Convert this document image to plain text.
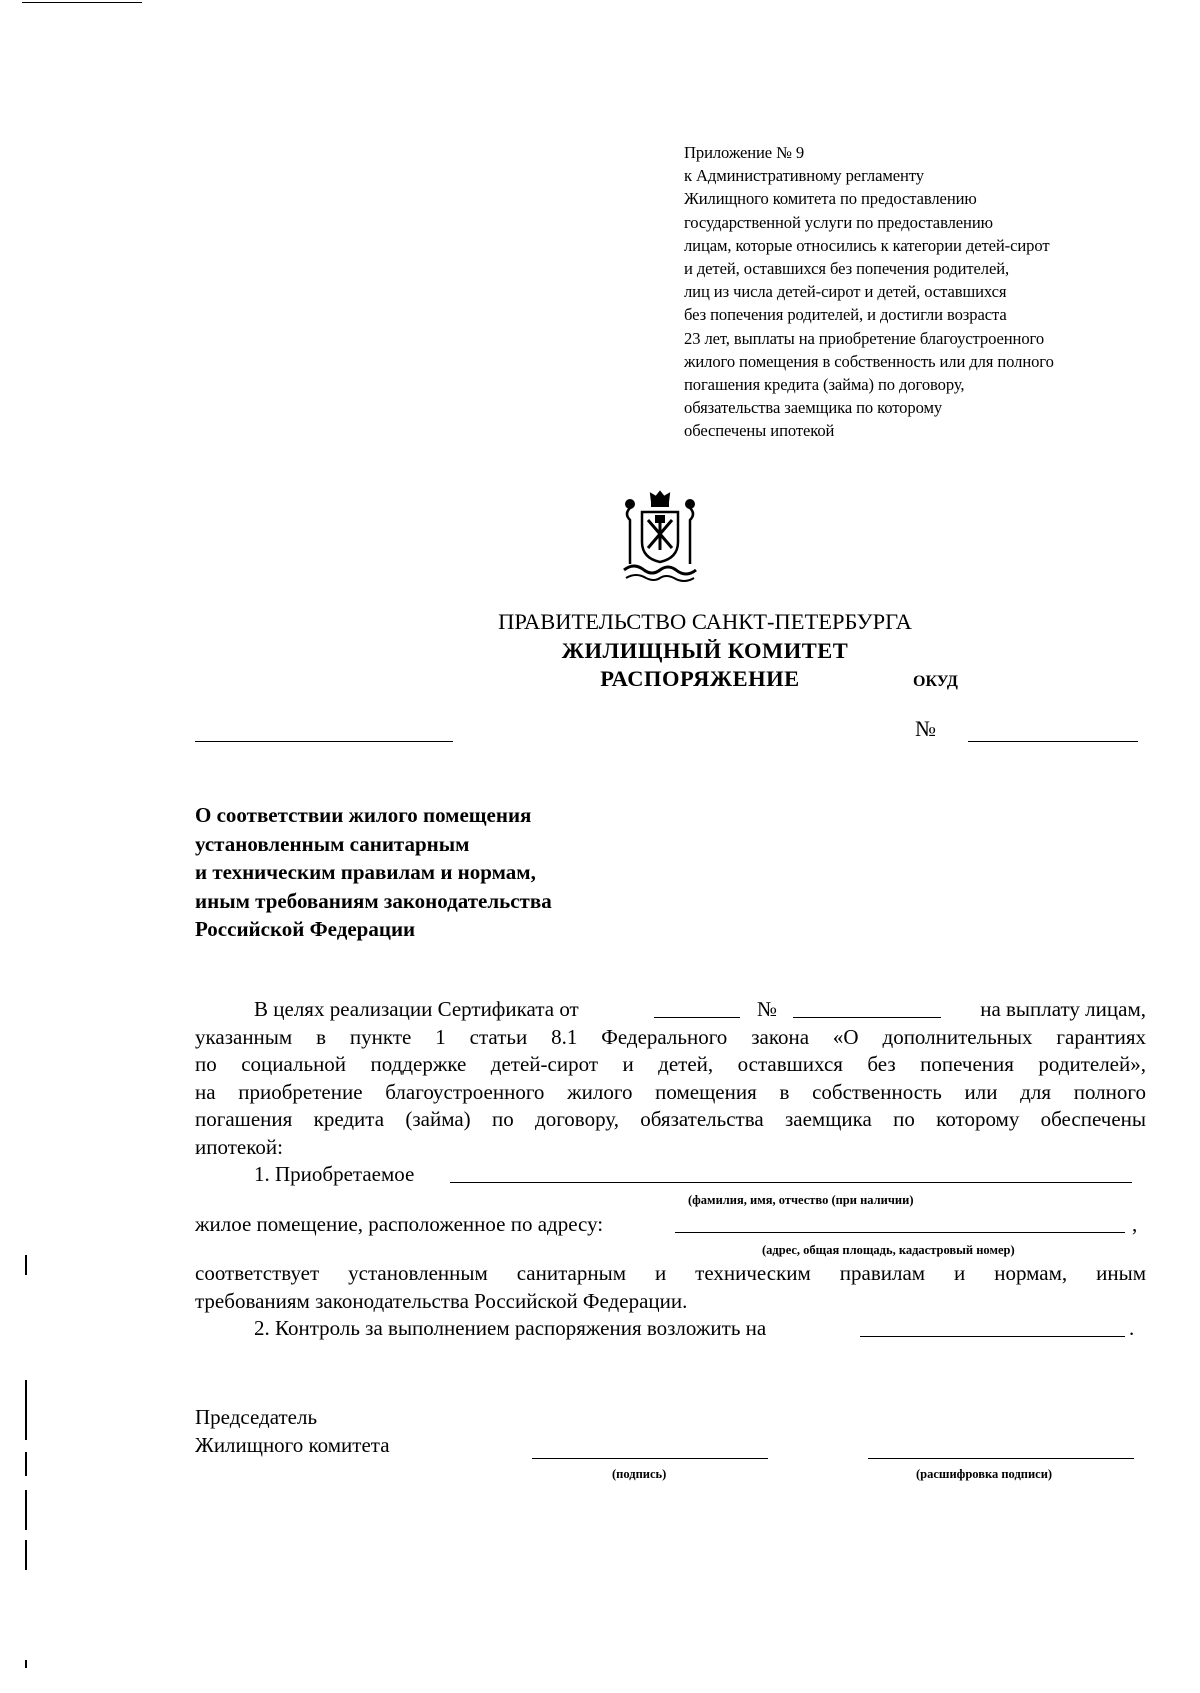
Приложение № 9
к Административному регламенту
Жилищного комитета по предоставлению
государственной услуги по предоставлению
лицам, которые относились к категории детей-сирот
и детей, оставшихся без попечения родителей,
лиц из числа детей-сирот и детей, оставшихся
без попечения родителей, и достигли возраста
23 лет, выплаты на приобретение благоустроенного
жилого помещения в собственность или для полного
погашения кредита (займа) по договору,
обязательства заемщика по которому
обеспечены ипотекой
ПРАВИТЕЛЬСТВО САНКТ-ПЕТЕРБУРГА
ЖИЛИЩНЫЙ КОМИТЕТ
РАСПОРЯЖЕНИЕ	ОКУД
№
О соответствии жилого помещения
установленным санитарным
и техническим правилам и нормам,
иным требованиям законодательства
Российской Федерации
В целях реализации Сертификата от	№	на выплату лицам,
указанным в пункте 1 статьи 8.1 Федерального закона «О дополнительных гарантиях
по социальной поддержке детей-сирот и детей, оставшихся без попечения родителей»,
на приобретение благоустроенного жилого помещения в собственность или для полного
погашения кредита (займа) по договору, обязательства заемщика по которому обеспечены
ипотекой:
1. Приобретаемое
(фамилия, имя, отчество (при наличии)
жилое помещение, расположенное по адресу:	,
(адрес, общая площадь, кадастровый номер)
соответствует установленным санитарным и техническим правилам и нормам, иным
требованиям законодательства Российской Федерации.
2. Контроль за выполнением распоряжения возложить на	.
Председатель
Жилищного комитета
(подпись)	(расшифровка подписи)
